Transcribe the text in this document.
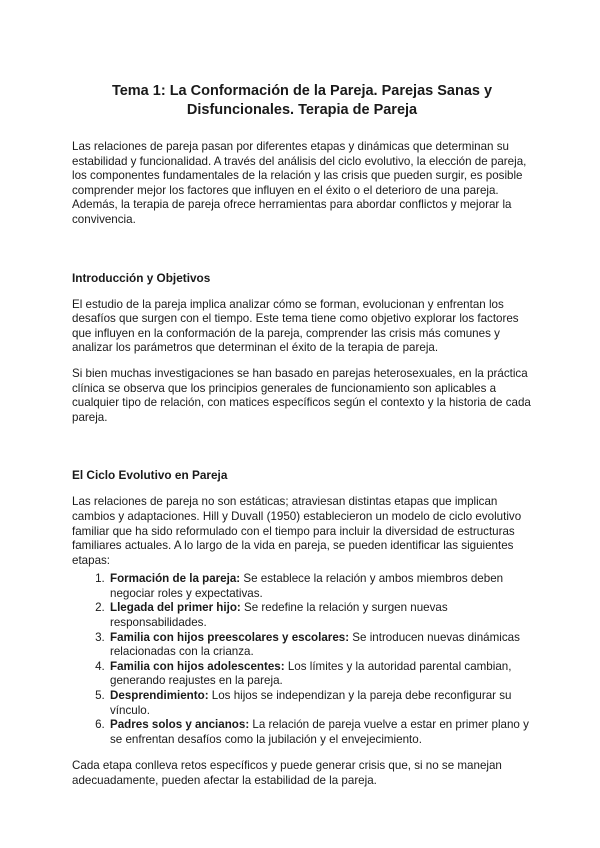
Tema 1: La Conformación de la Pareja. Parejas Sanas y Disfuncionales. Terapia de Pareja

Las relaciones de pareja pasan por diferentes etapas y dinámicas que determinan su estabilidad y funcionalidad. A través del análisis del ciclo evolutivo, la elección de pareja, los componentes fundamentales de la relación y las crisis que pueden surgir, es posible comprender mejor los factores que influyen en el éxito o el deterioro de una pareja. Además, la terapia de pareja ofrece herramientas para abordar conflictos y mejorar la convivencia.

Introducción y Objetivos

El estudio de la pareja implica analizar cómo se forman, evolucionan y enfrentan los desafíos que surgen con el tiempo. Este tema tiene como objetivo explorar los factores que influyen en la conformación de la pareja, comprender las crisis más comunes y analizar los parámetros que determinan el éxito de la terapia de pareja.

Si bien muchas investigaciones se han basado en parejas heterosexuales, en la práctica clínica se observa que los principios generales de funcionamiento son aplicables a cualquier tipo de relación, con matices específicos según el contexto y la historia de cada pareja.

El Ciclo Evolutivo en Pareja

Las relaciones de pareja no son estáticas; atraviesan distintas etapas que implican cambios y adaptaciones. Hill y Duvall (1950) establecieron un modelo de ciclo evolutivo familiar que ha sido reformulado con el tiempo para incluir la diversidad de estructuras familiares actuales. A lo largo de la vida en pareja, se pueden identificar las siguientes etapas:

1. Formación de la pareja: Se establece la relación y ambos miembros deben negociar roles y expectativas.
2. Llegada del primer hijo: Se redefine la relación y surgen nuevas responsabilidades.
3. Familia con hijos preescolares y escolares: Se introducen nuevas dinámicas relacionadas con la crianza.
4. Familia con hijos adolescentes: Los límites y la autoridad parental cambian, generando reajustes en la pareja.
5. Desprendimiento: Los hijos se independizan y la pareja debe reconfigurar su vínculo.
6. Padres solos y ancianos: La relación de pareja vuelve a estar en primer plano y se enfrentan desafíos como la jubilación y el envejecimiento.

Cada etapa conlleva retos específicos y puede generar crisis que, si no se manejan adecuadamente, pueden afectar la estabilidad de la pareja.
